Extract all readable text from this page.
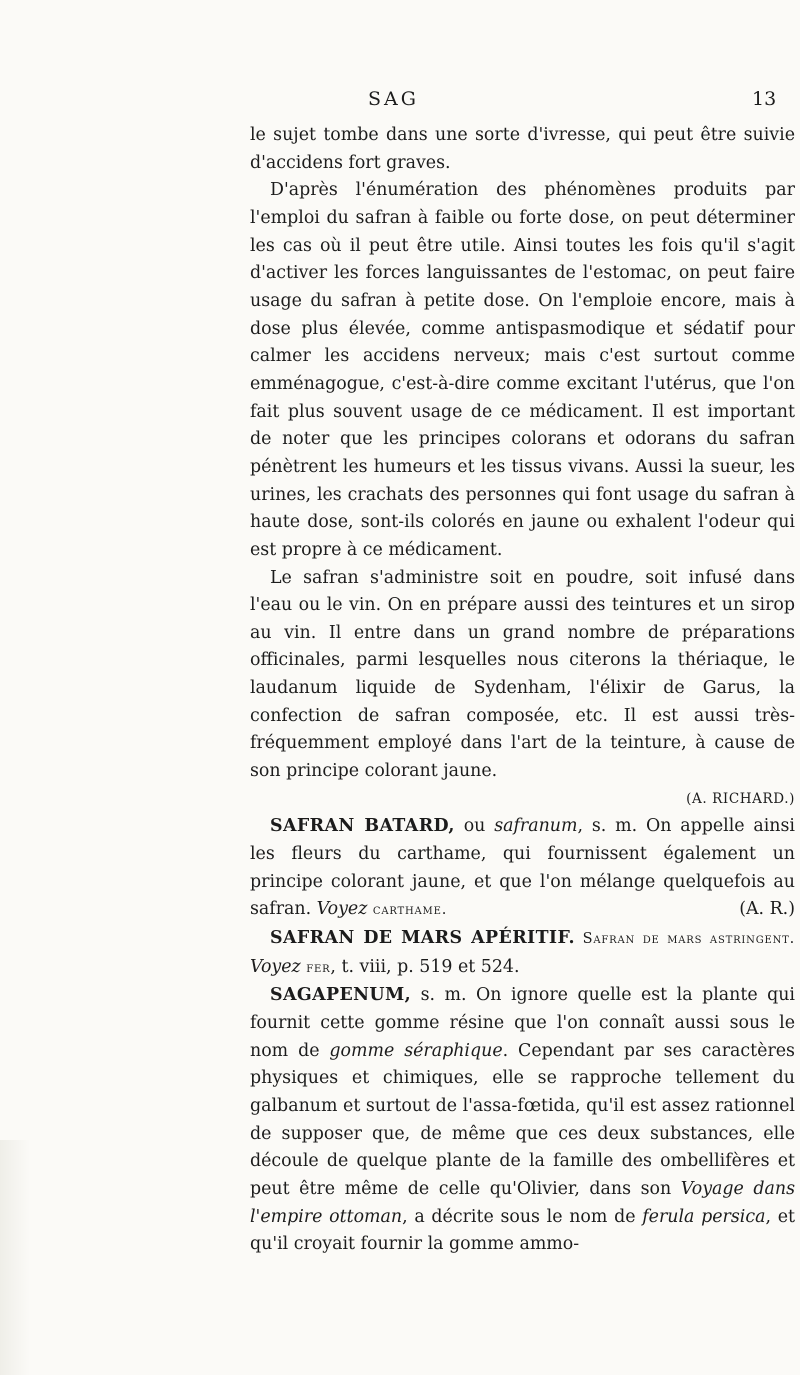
SAG	13

le sujet tombe dans une sorte d'ivresse, qui peut être suivie d'accidens fort graves.

D'après l'énumération des phénomènes produits par l'emploi du safran à faible ou forte dose, on peut déterminer les cas où il peut être utile. Ainsi toutes les fois qu'il s'agit d'activer les forces languissantes de l'estomac, on peut faire usage du safran à petite dose. On l'emploie encore, mais à dose plus élevée, comme antispasmodique et sédatif pour calmer les accidens nerveux; mais c'est surtout comme emménagogue, c'est-à-dire comme excitant l'utérus, que l'on fait plus souvent usage de ce médicament. Il est important de noter que les principes colorans et odorans du safran pénètrent les humeurs et les tissus vivans. Aussi la sueur, les urines, les crachats des personnes qui font usage du safran à haute dose, sont-ils colorés en jaune ou exhalent l'odeur qui est propre à ce médicament.

Le safran s'administre soit en poudre, soit infusé dans l'eau ou le vin. On en prépare aussi des teintures et un sirop au vin. Il entre dans un grand nombre de préparations officinales, parmi lesquelles nous citerons la thériaque, le laudanum liquide de Sydenham, l'élixir de Garus, la confection de safran composée, etc. Il est aussi très-fréquemment employé dans l'art de la teinture, à cause de son principe colorant jaune.

(A. RICHARD.)

SAFRAN BATARD, ou safranum, s. m. On appelle ainsi les fleurs du carthame, qui fournissent également un principe colorant jaune, et que l'on mélange quelquefois au safran. Voyez carthame.	(A. R.)

SAFRAN DE MARS APÉRITIF. Safran de mars astringent. Voyez fer, t. viii, p. 519 et 524.

SAGAPENUM, s. m. On ignore quelle est la plante qui fournit cette gomme résine que l'on connaît aussi sous le nom de gomme séraphique. Cependant par ses caractères physiques et chimiques, elle se rapproche tellement du galbanum et surtout de l'assa-fœtida, qu'il est assez rationnel de supposer que, de même que ces deux substances, elle découle de quelque plante de la famille des ombellifères et peut être même de celle qu'Olivier, dans son Voyage dans l'empire ottoman, a décrite sous le nom de ferula persica, et qu'il croyait fournir la gomme ammo-
